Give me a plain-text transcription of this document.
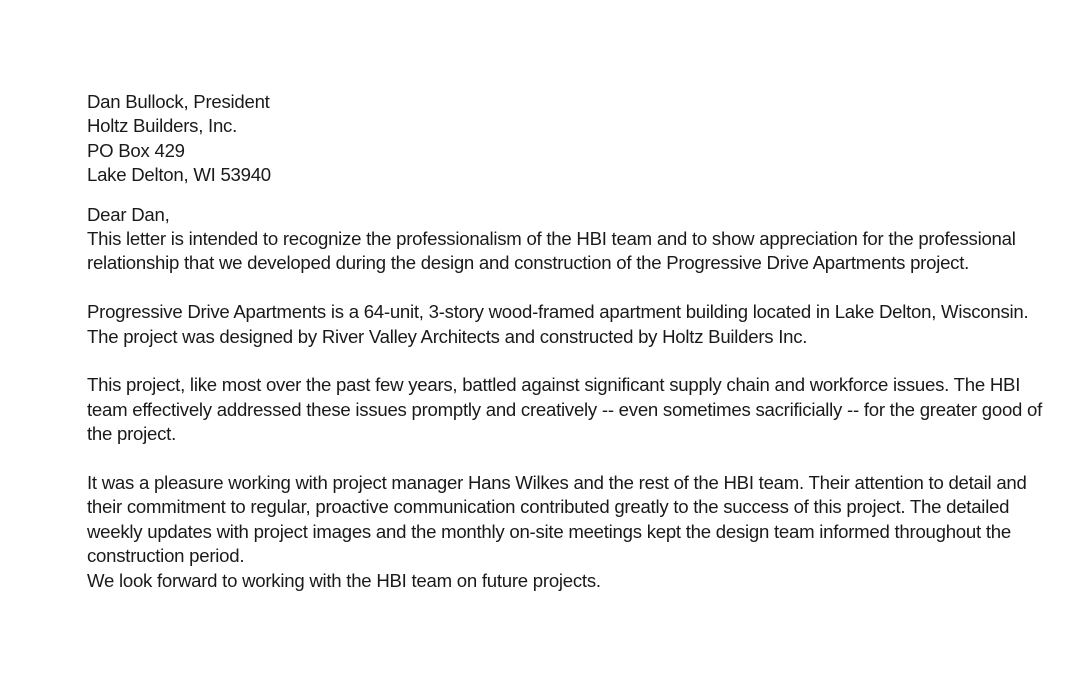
Dan Bullock, President
Holtz Builders, Inc.
PO Box 429
Lake Delton, WI 53940
Dear Dan,

This letter is intended to recognize the professionalism of the HBI team and to show appreciation for the professional relationship that we developed during the design and construction of the Progressive Drive Apartments project.

Progressive Drive Apartments is a 64-unit, 3-story wood-framed apartment building located in Lake Delton, Wisconsin. The project was designed by River Valley Architects and constructed by Holtz Builders Inc.

This project, like most over the past few years, battled against significant supply chain and workforce issues. The HBI team effectively addressed these issues promptly and creatively -- even sometimes sacrificially -- for the greater good of the project.

It was a pleasure working with project manager Hans Wilkes and the rest of the HBI team. Their attention to detail and their commitment to regular, proactive communication contributed greatly to the success of this project. The detailed weekly updates with project images and the monthly on-site meetings kept the design team informed throughout the construction period.

We look forward to working with the HBI team on future projects.
